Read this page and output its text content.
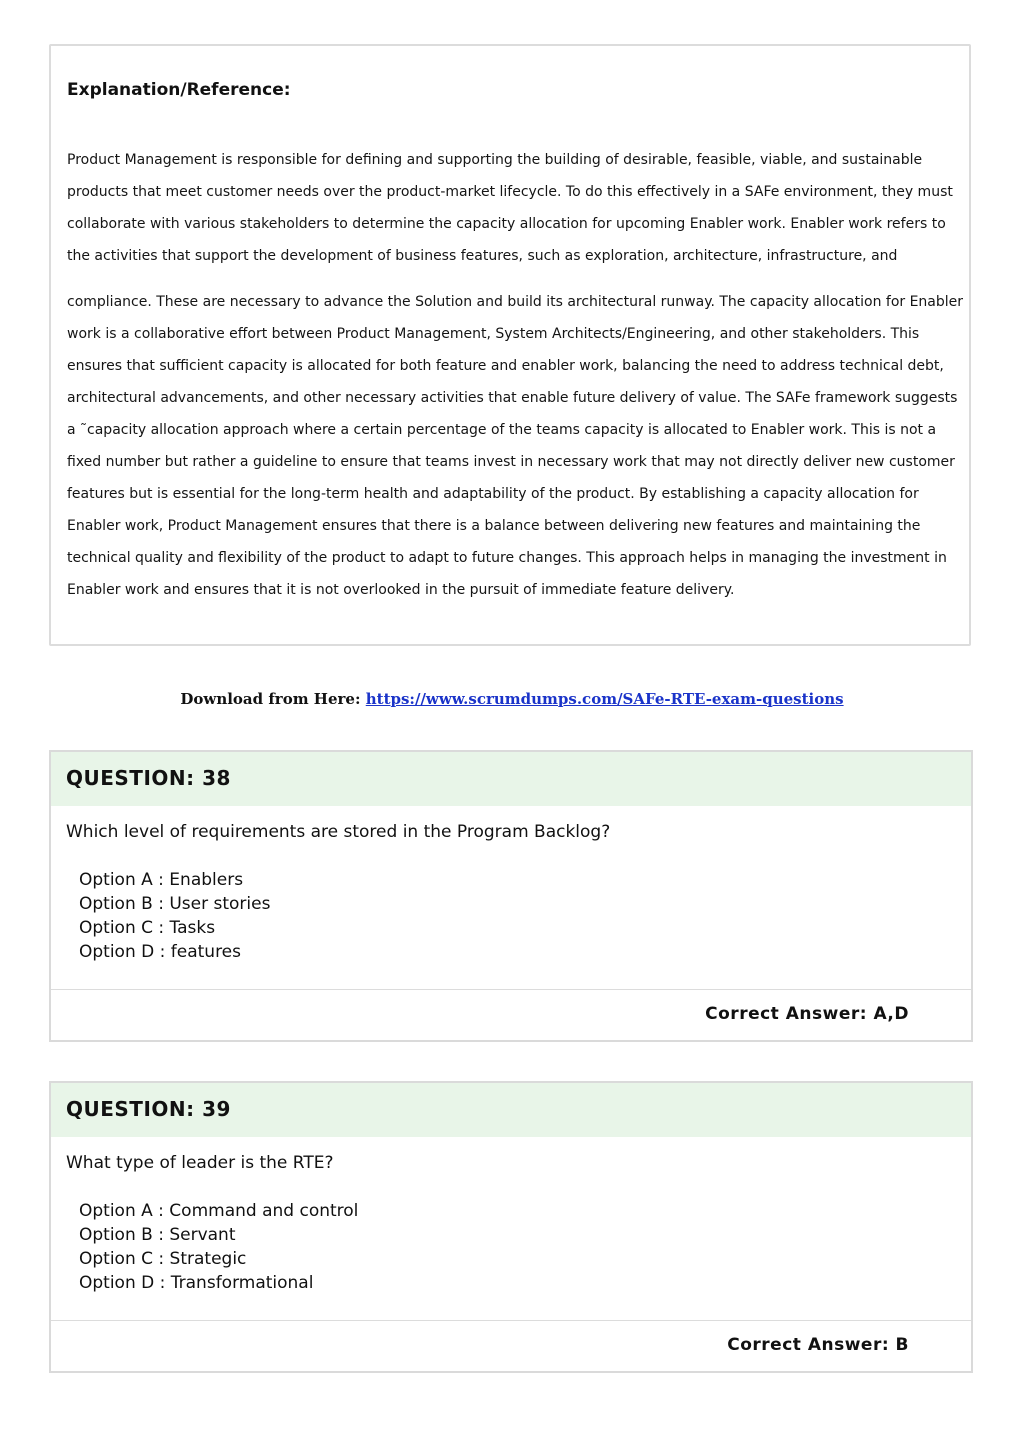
Explanation/Reference:

Product Management is responsible for defining and supporting the building of desirable, feasible, viable, and sustainable products that meet customer needs over the product-market lifecycle. To do this effectively in a SAFe environment, they must collaborate with various stakeholders to determine the capacity allocation for upcoming Enabler work. Enabler work refers to the activities that support the development of business features, such as exploration, architecture, infrastructure, and

compliance. These are necessary to advance the Solution and build its architectural runway. The capacity allocation for Enabler work is a collaborative effort between Product Management, System Architects/Engineering, and other stakeholders. This ensures that sufficient capacity is allocated for both feature and enabler work, balancing the need to address technical debt, architectural advancements, and other necessary activities that enable future delivery of value. The SAFe framework suggests a ˜capacity allocation approach where a certain percentage of the teams capacity is allocated to Enabler work. This is not a fixed number but rather a guideline to ensure that teams invest in necessary work that may not directly deliver new customer features but is essential for the long-term health and adaptability of the product. By establishing a capacity allocation for Enabler work, Product Management ensures that there is a balance between delivering new features and maintaining the technical quality and flexibility of the product to adapt to future changes. This approach helps in managing the investment in Enabler work and ensures that it is not overlooked in the pursuit of immediate feature delivery.

Download from Here: https://www.scrumdumps.com/SAFe-RTE-exam-questions
QUESTION: 38
Which level of requirements are stored in the Program Backlog?
Option A : Enablers
Option B : User stories
Option C : Tasks
Option D : features
Correct Answer: A,D
QUESTION: 39
What type of leader is the RTE?
Option A : Command and control
Option B : Servant
Option C : Strategic
Option D : Transformational
Correct Answer: B
